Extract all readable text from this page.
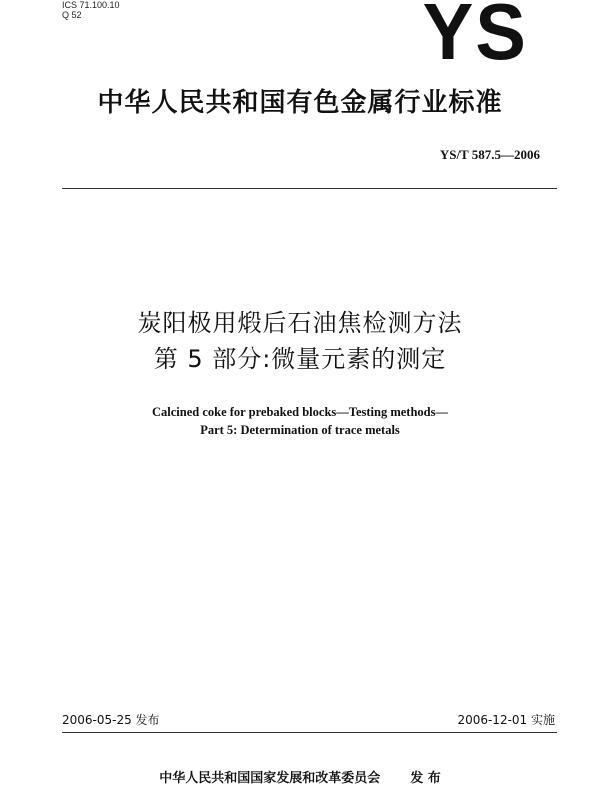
ICS 71.100.10
Q 52	YS
中华人民共和国有色金属行业标准
YS/T 587.5—2006
炭阳极用煅后石油焦检测方法
第 5 部分:微量元素的测定
Calcined coke for prebaked blocks—Testing methods—
Part 5: Determination of trace metals
2006-05-25 发布	2006-12-01 实施
中华人民共和国国家发展和改革委员会 发 布
